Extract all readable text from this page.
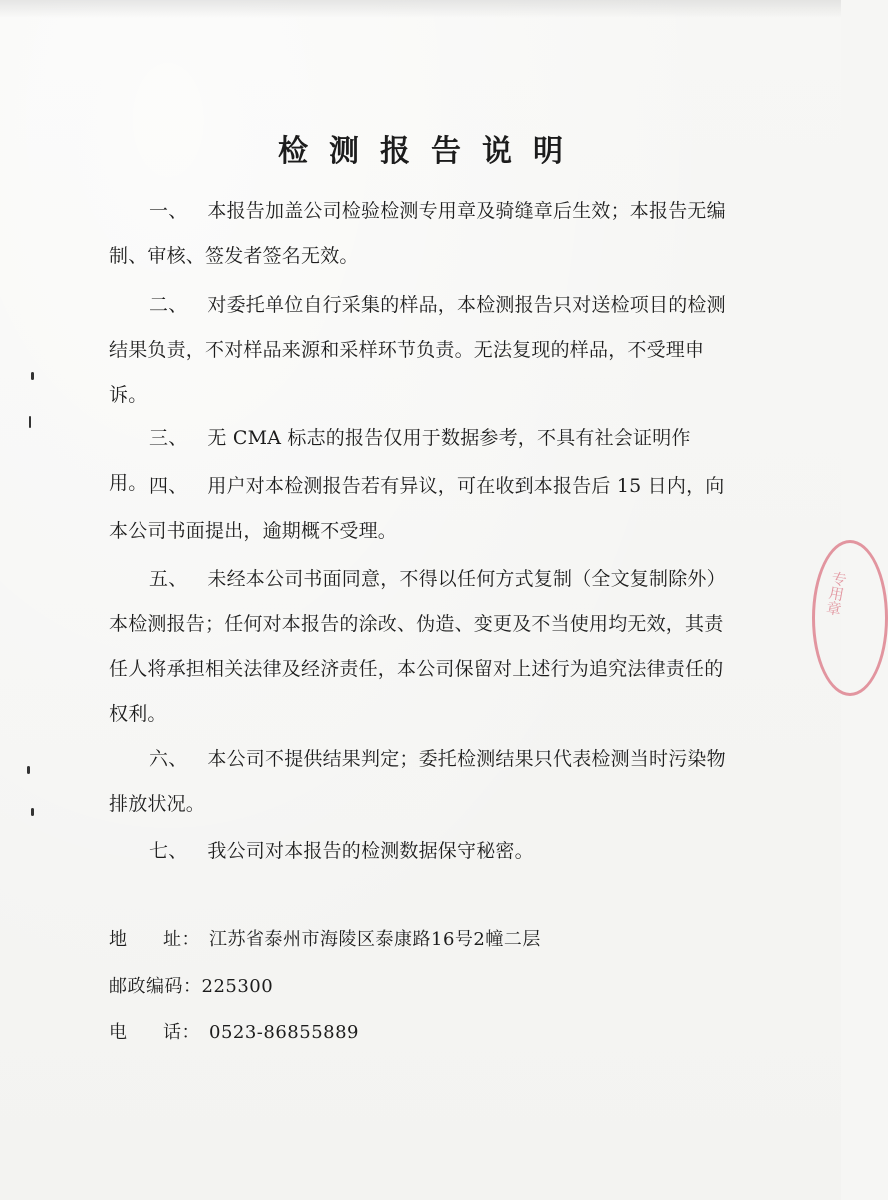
检测报告说明
一、 本报告加盖公司检验检测专用章及骑缝章后生效；本报告无编制、审核、签发者签名无效。
二、 对委托单位自行采集的样品，本检测报告只对送检项目的检测结果负责，不对样品来源和采样环节负责。无法复现的样品，不受理申诉。
三、 无 CMA 标志的报告仅用于数据参考，不具有社会证明作用。 四、 用户对本检测报告若有异议，可在收到本报告后 15 日内，向本公司书面提出，逾期概不受理。
五、 未经本公司书面同意，不得以任何方式复制（全文复制除外）本检测报告；任何对本报告的涂改、伪造、变更及不当使用均无效，其责任人将承担相关法律及经济责任，本公司保留对上述行为追究法律责任的权利。
六、 本公司不提供结果判定；委托检测结果只代表检测当时污染物排放状况。
七、 我公司对本报告的检测数据保守秘密。
地 址： 江苏省泰州市海陵区泰康路16号2幢二层
邮政编码：225300
电 话： 0523-86855889
专用章
